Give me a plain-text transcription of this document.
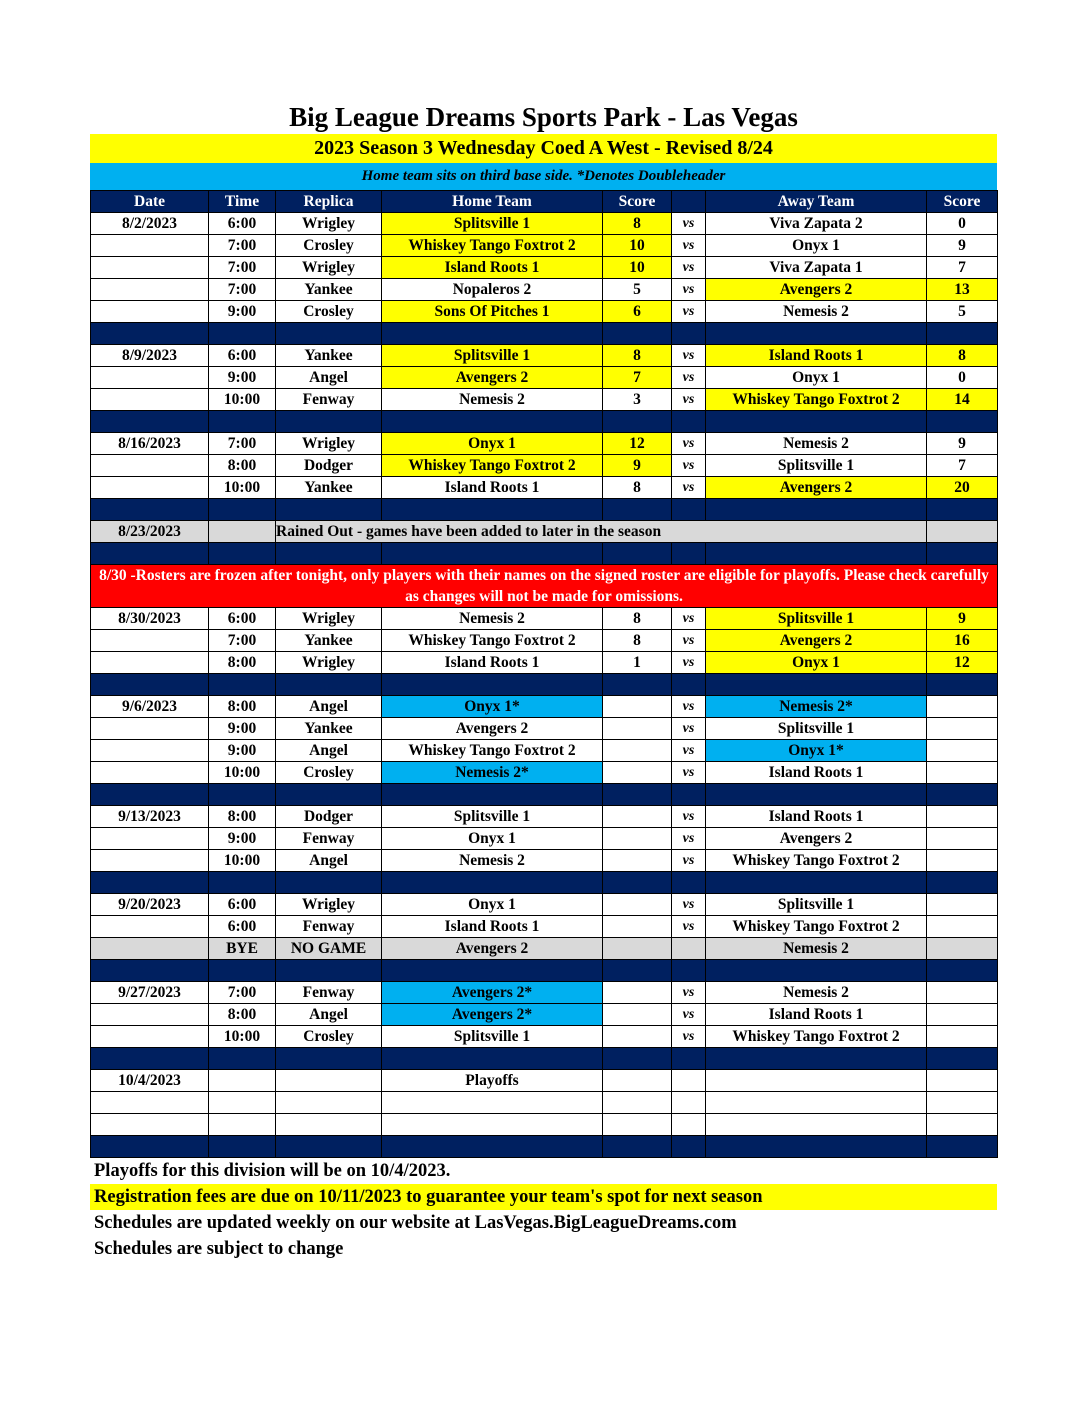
Big League Dreams Sports Park - Las Vegas
2023 Season 3 Wednesday Coed A West - Revised 8/24
Home team sits on third base side. *Denotes Doubleheader
Date	Time	Replica	Home Team	Score		Away Team	Score
8/2/2023	6:00	Wrigley	Splitsville 1	8	vs	Viva Zapata 2	0
	7:00	Crosley	Whiskey Tango Foxtrot 2	10	vs	Onyx 1	9
	7:00	Wrigley	Island Roots 1	10	vs	Viva Zapata 1	7
	7:00	Yankee	Nopaleros 2	5	vs	Avengers 2	13
	9:00	Crosley	Sons Of Pitches 1	6	vs	Nemesis 2	5

8/9/2023	6:00	Yankee	Splitsville 1	8	vs	Island Roots 1	8
	9:00	Angel	Avengers 2	7	vs	Onyx 1	0
	10:00	Fenway	Nemesis 2	3	vs	Whiskey Tango Foxtrot 2	14

8/16/2023	7:00	Wrigley	Onyx 1	12	vs	Nemesis 2	9
	8:00	Dodger	Whiskey Tango Foxtrot 2	9	vs	Splitsville 1	7
	10:00	Yankee	Island Roots 1	8	vs	Avengers 2	20

8/23/2023		Rained Out - games have been added to later in the season					

8/30 -Rosters are frozen after tonight, only players with their names on the signed roster are eligible for playoffs. Please check carefully as changes will not be made for omissions.							
8/30/2023	6:00	Wrigley	Nemesis 2	8	vs	Splitsville 1	9
	7:00	Yankee	Whiskey Tango Foxtrot 2	8	vs	Avengers 2	16
	8:00	Wrigley	Island Roots 1	1	vs	Onyx 1	12

9/6/2023	8:00	Angel	Onyx 1*		vs	Nemesis 2*	
	9:00	Yankee	Avengers 2		vs	Splitsville 1	
	9:00	Angel	Whiskey Tango Foxtrot 2		vs	Onyx 1*	
	10:00	Crosley	Nemesis 2*		vs	Island Roots 1	

9/13/2023	8:00	Dodger	Splitsville 1		vs	Island Roots 1	
	9:00	Fenway	Onyx 1		vs	Avengers 2	
	10:00	Angel	Nemesis 2		vs	Whiskey Tango Foxtrot 2	

9/20/2023	6:00	Wrigley	Onyx 1		vs	Splitsville 1	
	6:00	Fenway	Island Roots 1		vs	Whiskey Tango Foxtrot 2	
	BYE	NO GAME	Avengers 2			Nemesis 2	

9/27/2023	7:00	Fenway	Avengers 2*		vs	Nemesis 2	
	8:00	Angel	Avengers 2*		vs	Island Roots 1	
	10:00	Crosley	Splitsville 1		vs	Whiskey Tango Foxtrot 2	

10/4/2023			Playoffs				

Playoffs for this division will be on 10/4/2023.
Registration fees are due on 10/11/2023 to guarantee your team's spot for next season
Schedules are updated weekly on our website at LasVegas.BigLeagueDreams.com
Schedules are subject to change
